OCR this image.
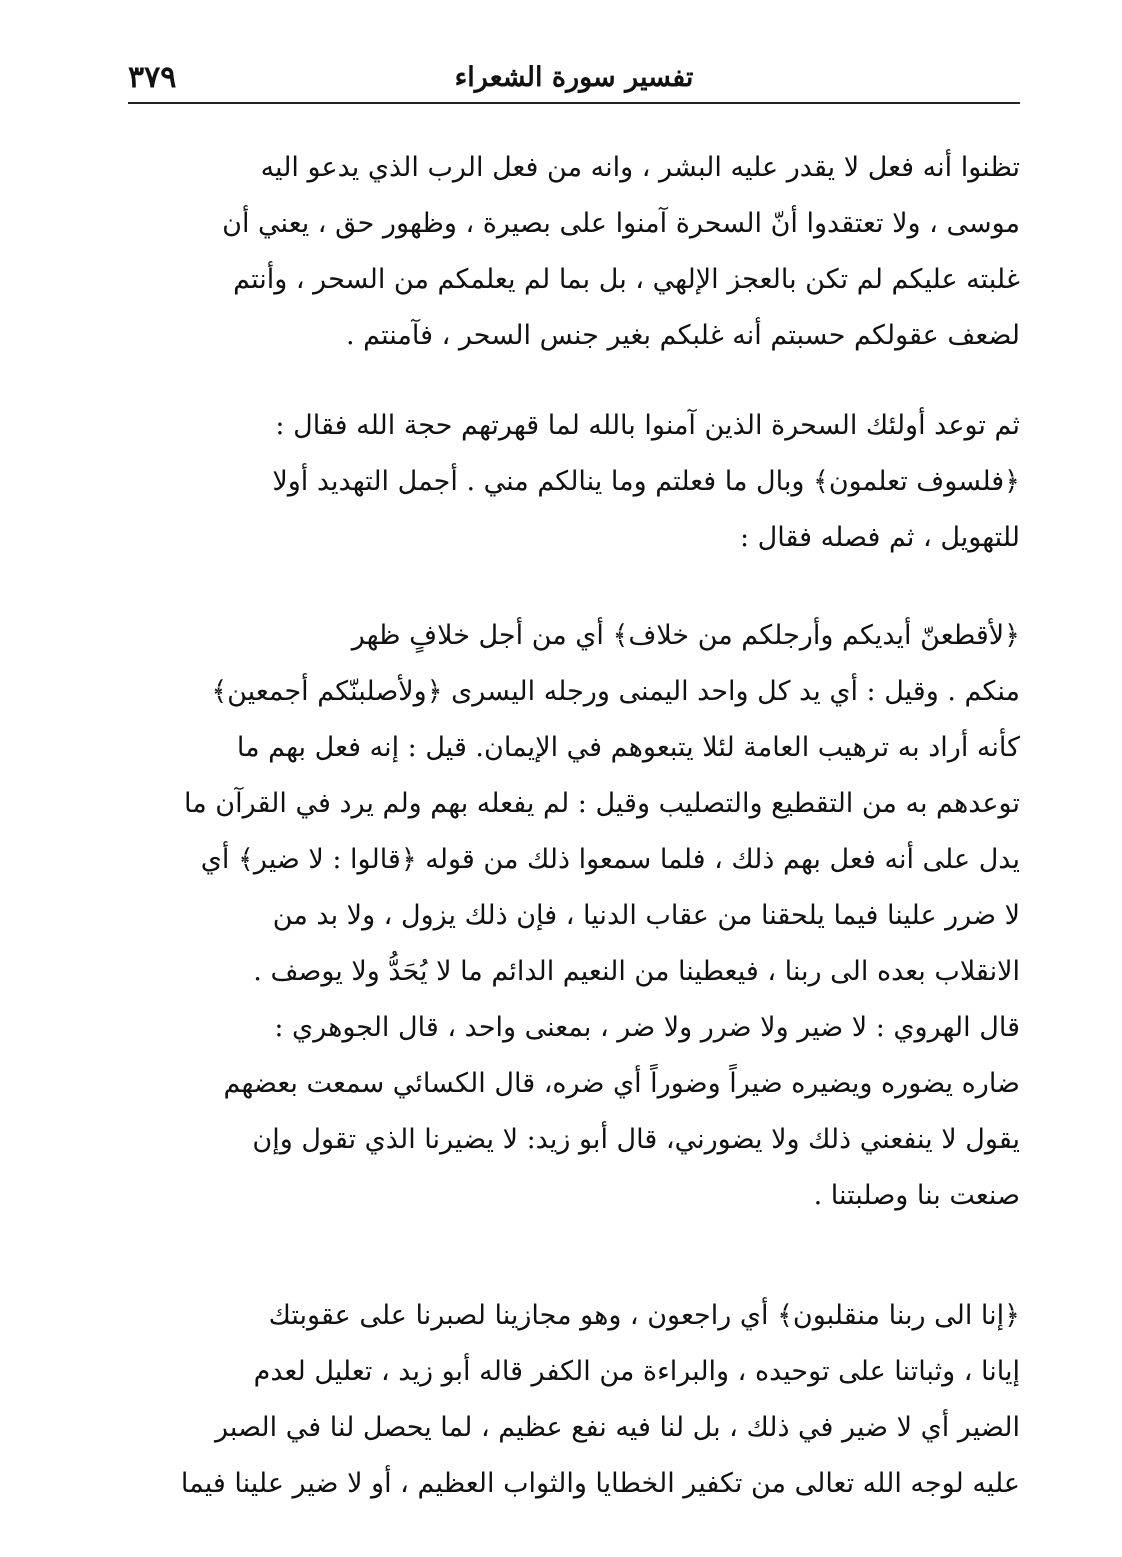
٣٧٩	تفسير سورة الشعراء

تظنوا أنه فعل لا يقدر عليه البشر ، وانه من فعل الرب الذي يدعو اليه
موسى ، ولا تعتقدوا أنّ السحرة آمنوا على بصيرة ، وظهور حق ، يعني أن
غلبته عليكم لم تكن بالعجز الإلهي ، بل بما لم يعلمكم من السحر ، وأنتم
لضعف عقولكم حسبتم أنه غلبكم بغير جنس السحر ، فآمنتم .

ثم توعد أولئك السحرة الذين آمنوا بالله لما قهرتهم حجة الله فقال :
﴿فلسوف تعلمون﴾ وبال ما فعلتم وما ينالكم مني . أجمل التهديد أولا
للتهويل ، ثم فصله فقال :

﴿لأقطعنّ أيديكم وأرجلكم من خلاف﴾ أي من أجل خلافٍ ظهر
منكم . وقيل : أي يد كل واحد اليمنى ورجله اليسرى ﴿ولأصلبنّكم أجمعين﴾
كأنه أراد به ترهيب العامة لئلا يتبعوهم في الإيمان. قيل : إنه فعل بهم ما
توعدهم به من التقطيع والتصليب وقيل : لم يفعله بهم ولم يرد في القرآن ما
يدل على أنه فعل بهم ذلك ، فلما سمعوا ذلك من قوله ﴿قالوا : لا ضير﴾ أي
لا ضرر علينا فيما يلحقنا من عقاب الدنيا ، فإن ذلك يزول ، ولا بد من
الانقلاب بعده الى ربنا ، فيعطينا من النعيم الدائم ما لا يُحَدُّ ولا يوصف .
قال الهروي : لا ضير ولا ضرر ولا ضر ، بمعنى واحد ، قال الجوهري :
ضاره يضوره ويضيره ضيراً وضوراً أي ضره، قال الكسائي سمعت بعضهم
يقول لا ينفعني ذلك ولا يضورني، قال أبو زيد: لا يضيرنا الذي تقول وإن
صنعت بنا وصلبتنا .

﴿إنا الى ربنا منقلبون﴾ أي راجعون ، وهو مجازينا لصبرنا على عقوبتك
إيانا ، وثباتنا على توحيده ، والبراءة من الكفر قاله أبو زيد ، تعليل لعدم
الضير أي لا ضير في ذلك ، بل لنا فيه نفع عظيم ، لما يحصل لنا في الصبر
عليه لوجه الله تعالى من تكفير الخطايا والثواب العظيم ، أو لا ضير علينا فيما
